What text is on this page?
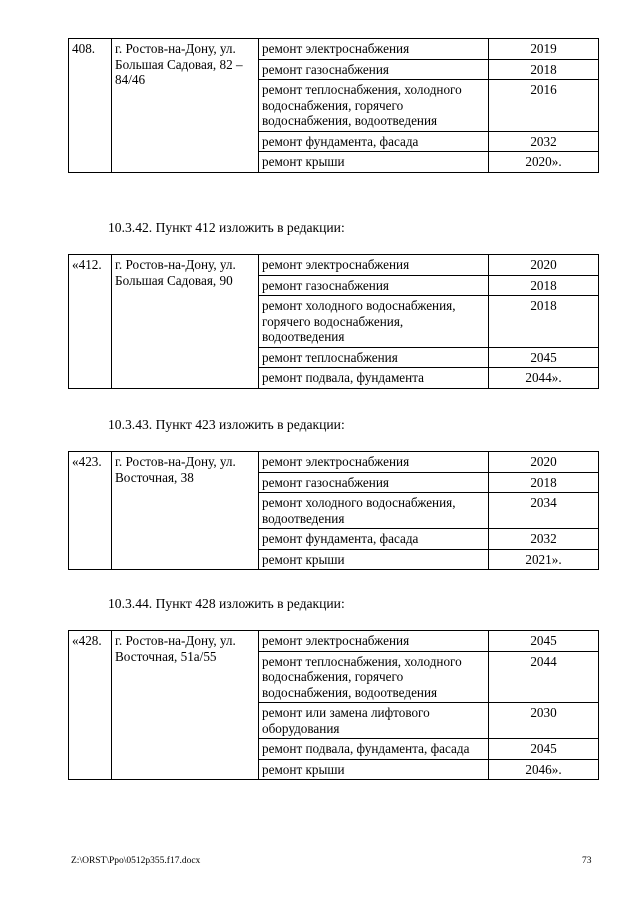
408.	г. Ростов-на-Дону, ул. Большая Садовая, 82 – 84/46	ремонт электроснабжения	2019
		ремонт газоснабжения	2018
		ремонт теплоснабжения, холодного водоснабжения, горячего водоснабжения, водоотведения	2016
		ремонт фундамента, фасада	2032
		ремонт крыши	2020».
10.3.42. Пункт 412 изложить в редакции:
«412.	г. Ростов-на-Дону, ул. Большая Садовая, 90	ремонт электроснабжения	2020
		ремонт газоснабжения	2018
		ремонт холодного водоснабжения, горячего водоснабжения, водоотведения	2018
		ремонт теплоснабжения	2045
		ремонт подвала, фундамента	2044».
10.3.43. Пункт 423 изложить в редакции:
«423.	г. Ростов-на-Дону, ул. Восточная, 38	ремонт электроснабжения	2020
		ремонт газоснабжения	2018
		ремонт холодного водоснабжения, водоотведения	2034
		ремонт фундамента, фасада	2032
		ремонт крыши	2021».
10.3.44. Пункт 428 изложить в редакции:
«428.	г. Ростов-на-Дону, ул. Восточная, 51а/55	ремонт электроснабжения	2045
		ремонт теплоснабжения, холодного водоснабжения, горячего водоснабжения, водоотведения	2044
		ремонт или замена лифтового оборудования	2030
		ремонт подвала, фундамента, фасада	2045
		ремонт крыши	2046».
Z:\ORST\Ppo\0512p355.f17.docx	73
